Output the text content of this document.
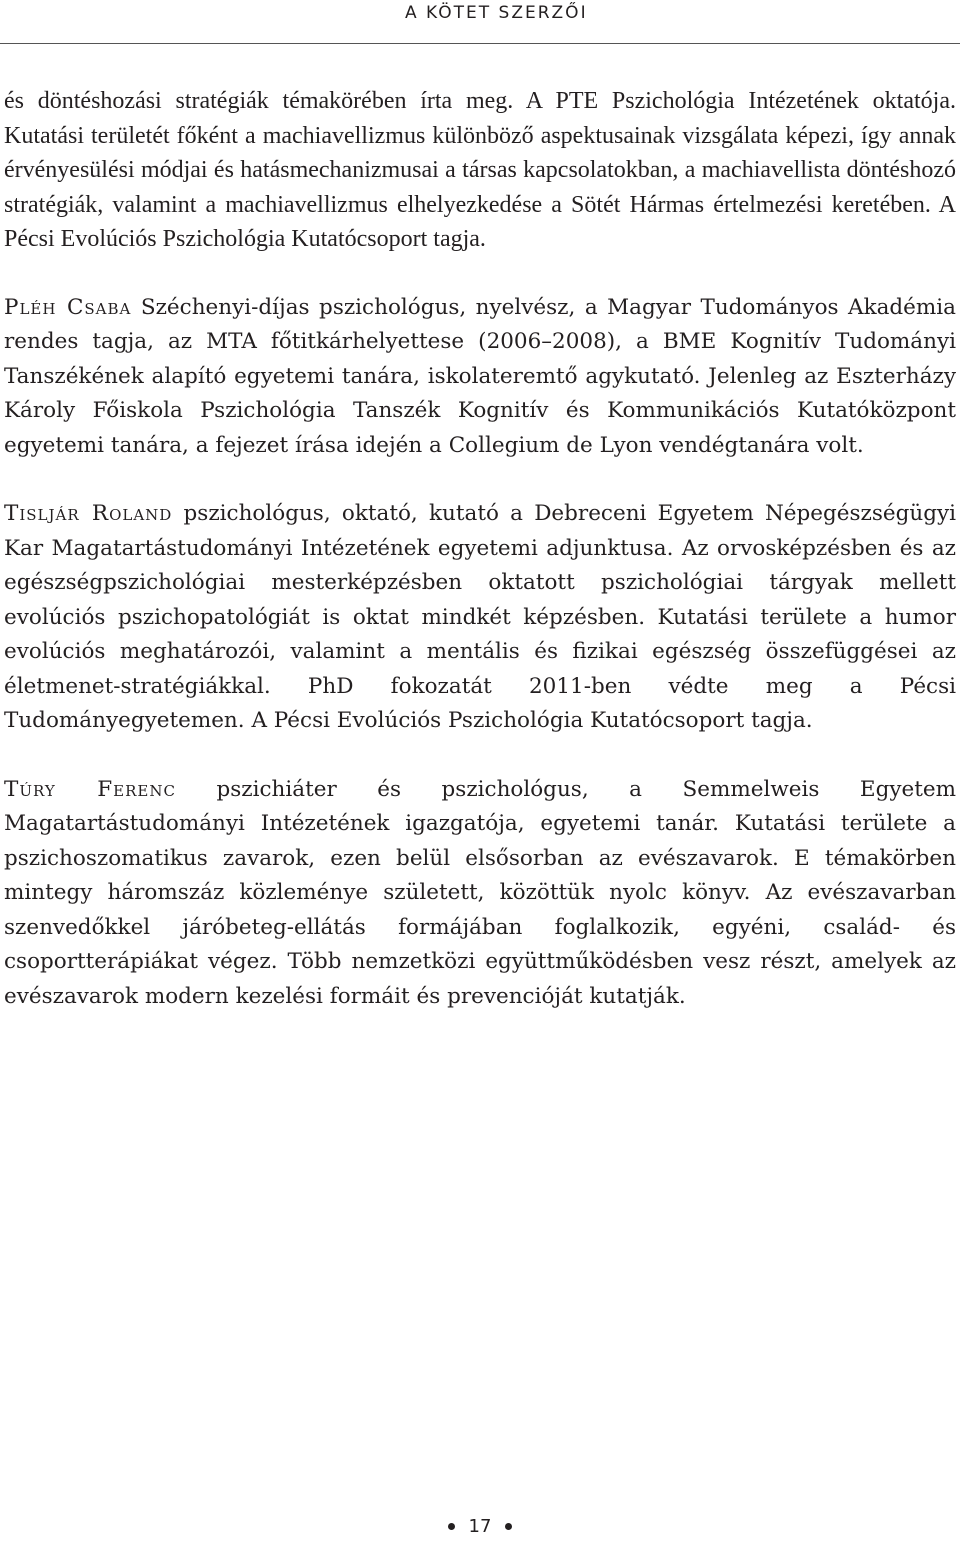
A KÖTET SZERZŐI

és döntéshozási stratégiák témakörében írta meg. A PTE Pszichológia Intézetének oktatója. Kutatási területét főként a machiavellizmus különböző aspektusainak vizsgálata képezi, így annak érvényesülési módjai és hatásmechanizmusai a társas kapcsolatokban, a machiavellista döntéshozó stratégiák, valamint a machiavellizmus elhelyezkedése a Sötét Hármas értelmezési keretében. A Pécsi Evolúciós Pszichológia Kutatócsoport tagja.

Pléh Csaba Széchenyi-díjas pszichológus, nyelvész, a Magyar Tudományos Akadémia rendes tagja, az MTA főtitkárhelyettese (2006–2008), a BME Kognitív Tudományi Tanszékének alapító egyetemi tanára, iskolateremtő agykutató. Jelenleg az Eszterházy Károly Főiskola Pszichológia Tanszék Kognitív és Kommunikációs Kutatóközpont egyetemi tanára, a fejezet írása idején a Collegium de Lyon vendégtanára volt.

Tisljár Roland pszichológus, oktató, kutató a Debreceni Egyetem Népegészségügyi Kar Magatartástudományi Intézetének egyetemi adjunktusa. Az orvosképzésben és az egészségpszichológiai mesterképzésben oktatott pszichológiai tárgyak mellett evolúciós pszichopatológiát is oktat mindkét képzésben. Kutatási területe a humor evolúciós meghatározói, valamint a mentális és fizikai egészség összefüggései az életmenet-stratégiákkal. PhD fokozatát 2011-ben védte meg a Pécsi Tudományegyetemen. A Pécsi Evolúciós Pszichológia Kutatócsoport tagja.

Túry Ferenc pszichiáter és pszichológus, a Semmelweis Egyetem Magatartástudományi Intézetének igazgatója, egyetemi tanár. Kutatási területe a pszichoszomatikus zavarok, ezen belül elsősorban az evészavarok. E témakörben mintegy háromszáz közleménye született, közöttük nyolc könyv. Az evészavarban szenvedőkkel járóbeteg-ellátás formájában foglalkozik, egyéni, család- és csoportterápiákat végez. Több nemzetközi együttműködésben vesz részt, amelyek az evészavarok modern kezelési formáit és prevencióját kutatják.

17
